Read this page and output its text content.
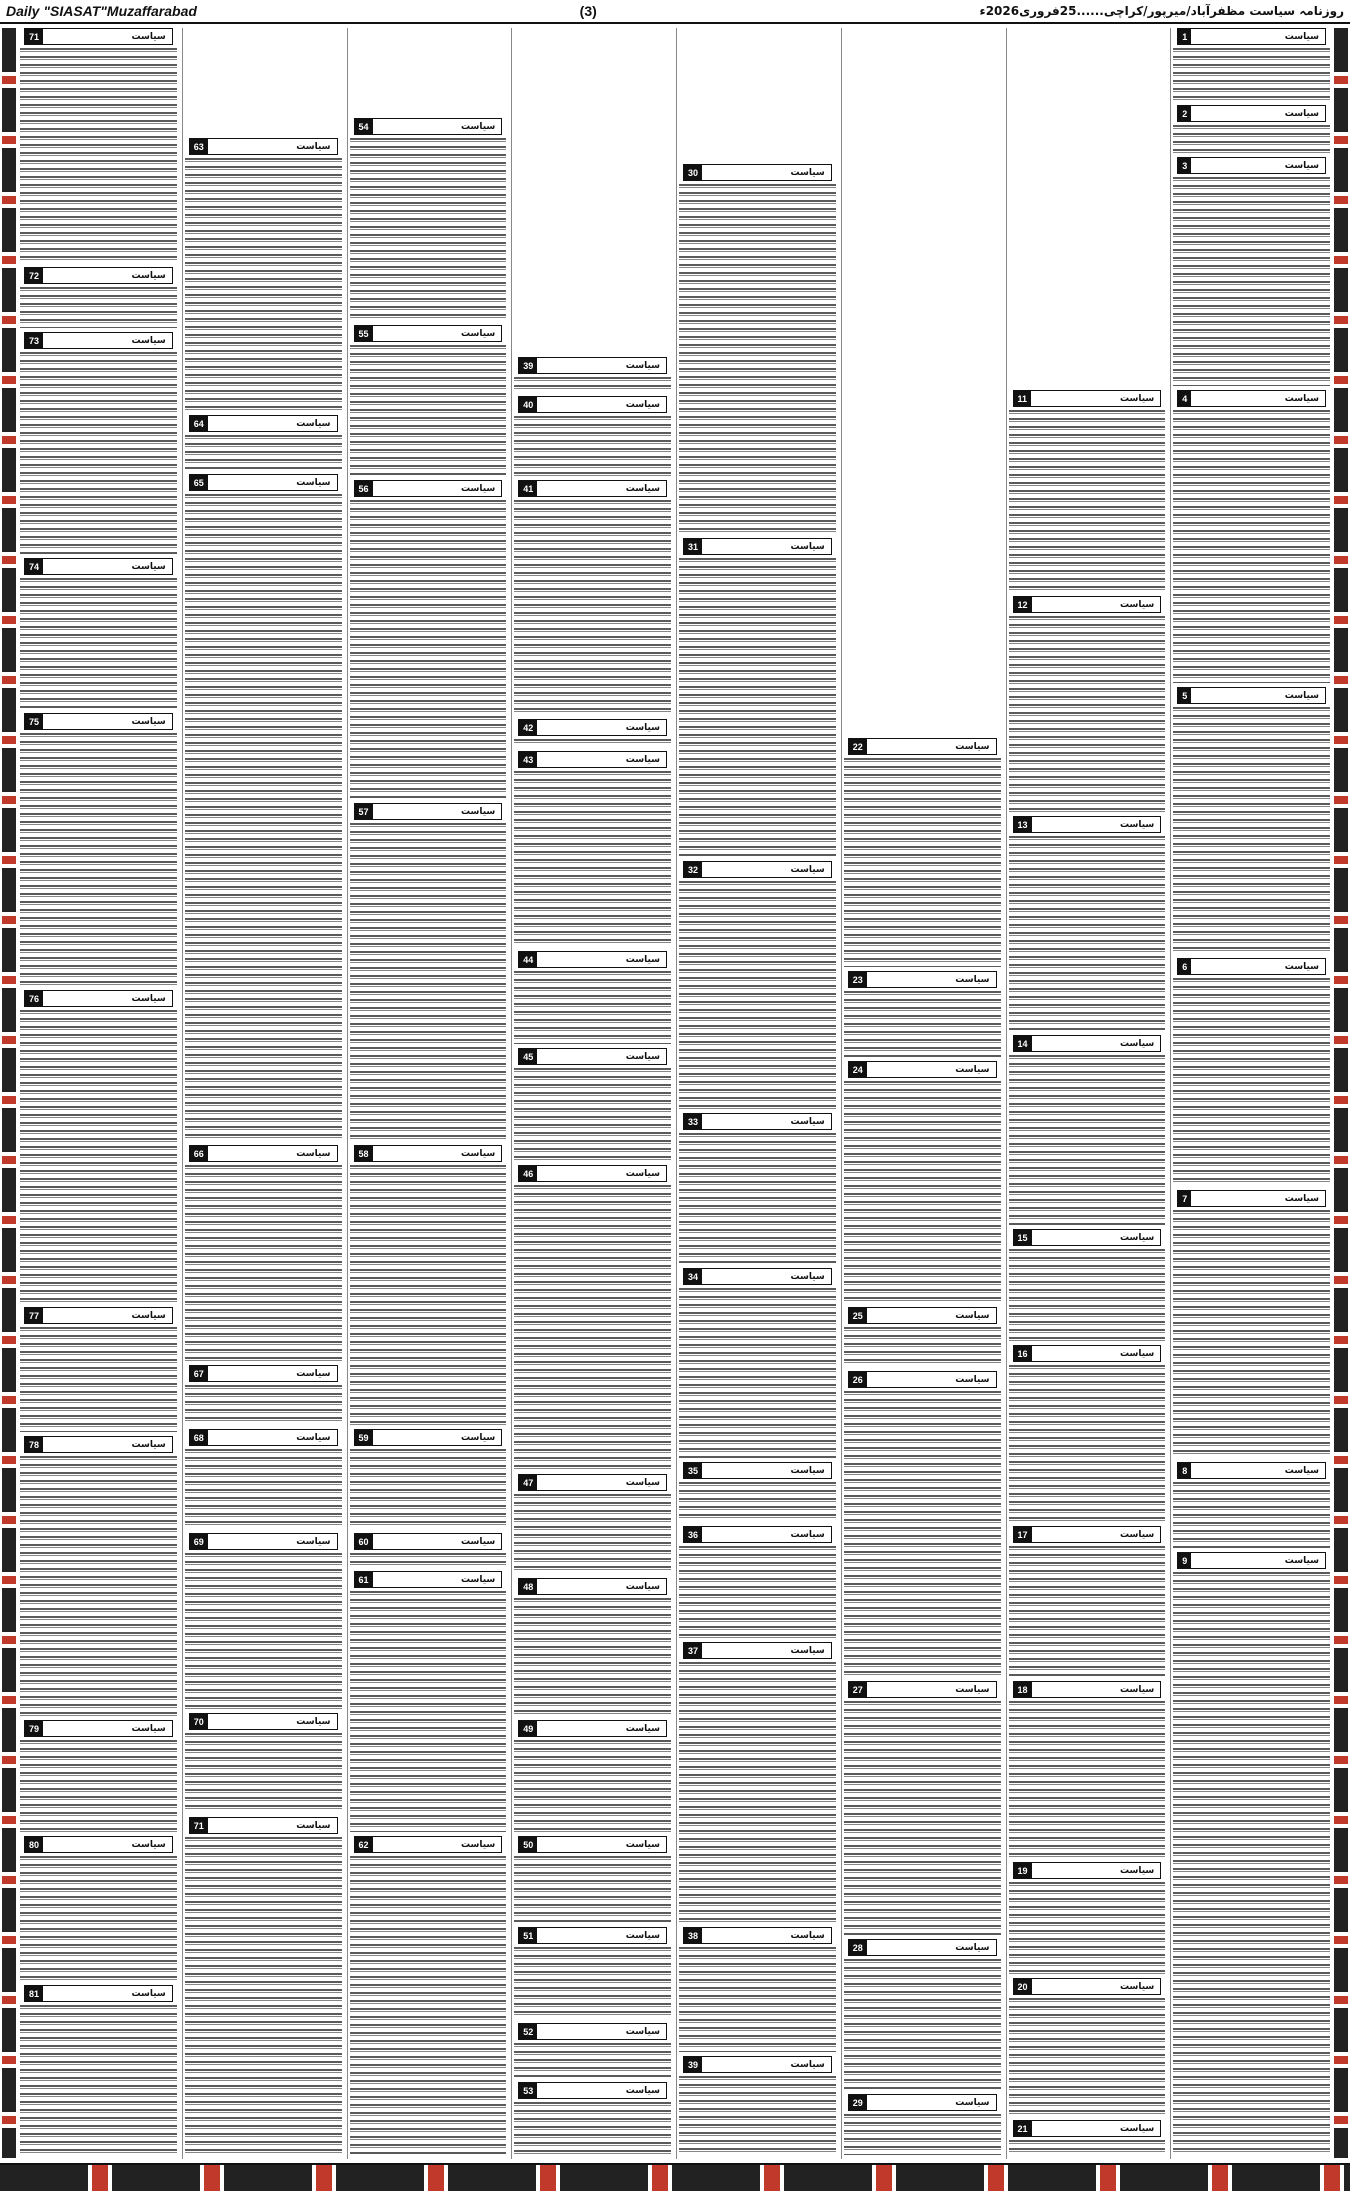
Daily "SIASAT"Muzaffarabad	(3)	روزنامہ سیاست مظفرآباد/میرپور/کراچی......25فروری2026ء
سیاست
1
سیاست
2
سیاست
3
سیاست
4
سیاست
5
سیاست
6
سیاست
7
سیاست
8
سیاست
9
سیاست
11
سیاست
12
سیاست
13
سیاست
14
سیاست
15
سیاست
16
سیاست
17
سیاست
18
سیاست
19
سیاست
20
سیاست
21
سیاست
22
سیاست
23
سیاست
24
سیاست
25
سیاست
26
سیاست
27
سیاست
28
سیاست
29
سیاست
30
سیاست
31
سیاست
32
سیاست
33
سیاست
34
سیاست
35
سیاست
36
سیاست
37
سیاست
38
سیاست
39
سیاست
39
سیاست
40
سیاست
41
سیاست
42
سیاست
43
سیاست
44
سیاست
45
سیاست
46
سیاست
47
سیاست
48
سیاست
49
سیاست
50
سیاست
51
سیاست
52
سیاست
53
سیاست
54
سیاست
55
سیاست
56
سیاست
57
سیاست
58
سیاست
59
سیاست
60
سیاست
61
سیاست
62
سیاست
63
سیاست
64
سیاست
65
سیاست
66
سیاست
67
سیاست
68
سیاست
69
سیاست
70
سیاست
71
سیاست
71
سیاست
72
سیاست
73
سیاست
74
سیاست
75
سیاست
76
سیاست
77
سیاست
78
سیاست
79
سیاست
80
سیاست
81
